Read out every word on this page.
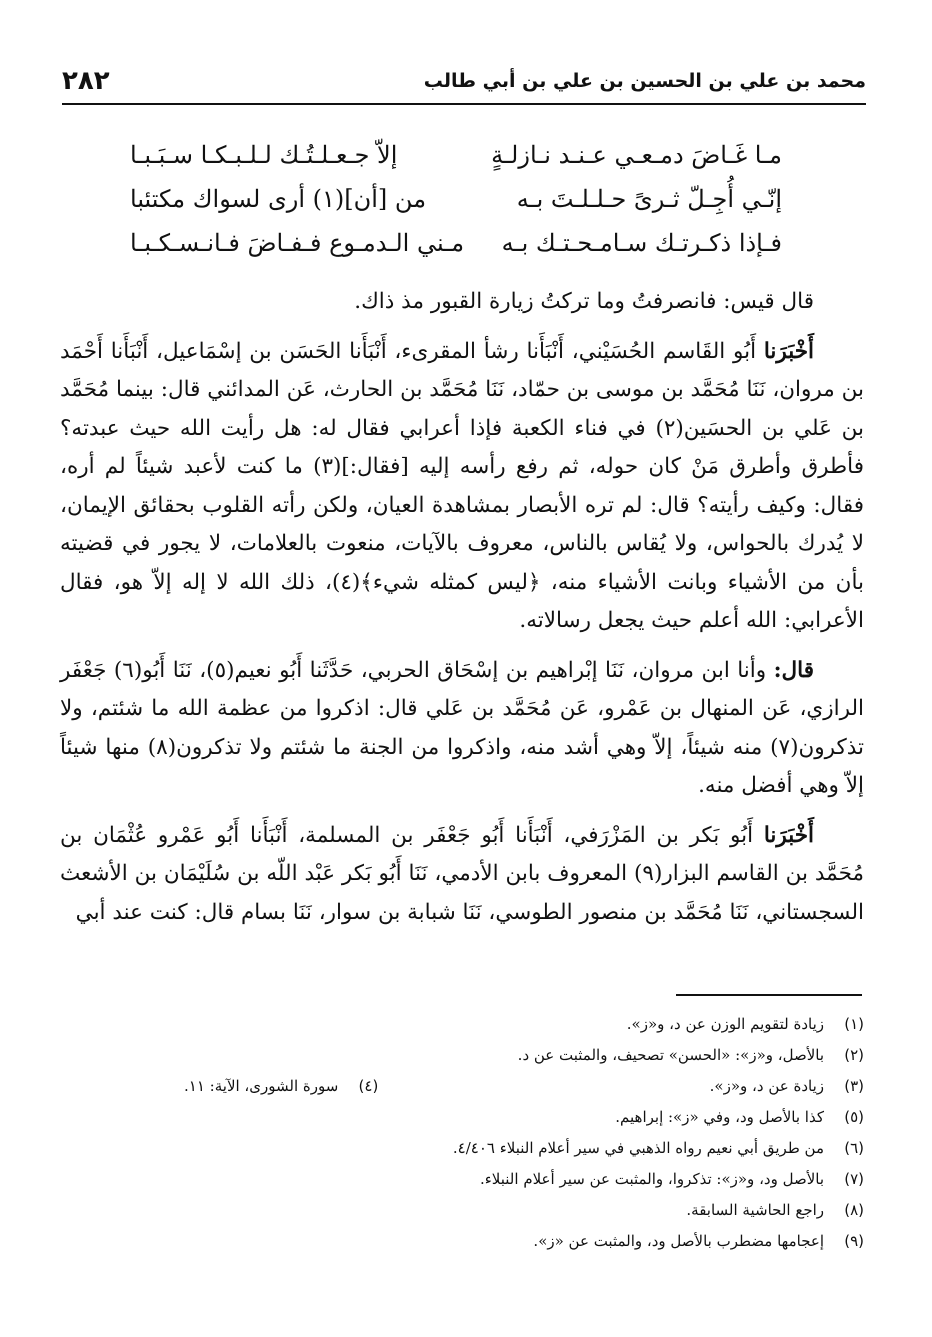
محمد بن علي بن الحسين بن علي بن أبي طالب
٢٨٢
مـا غَـاضَ دمـعـي عـنـد نـازلـةٍ
إلاّ جـعـلـتُـك لـلـبـكـا سـبَـبـا
إنّـي أُجِـلّ ثـرىً حـلـلـتَ بـه
من [أن](١) أرى لسواك مكتئبا
فـإذا ذكـرتـك سـامـحـتـك بـه
مـني الـدمـوع فـفـاضَ فـانـسـكـبـا

قال قيس: فانصرفتُ وما تركتُ زيارة القبور مذ ذاك.

أَخْبَرَنا أَبُو القَاسم الحُسَيْني، أَنْبَأَنا رشأ المقرىء، أَنْبَأَنا الحَسَن بن إسْمَاعيل، أَنْبَأَنا أَحْمَد بن مروان، نَنَا مُحَمَّد بن موسى بن حمّاد، نَنَا مُحَمَّد بن الحارث، عَن المدائني قال: بينما مُحَمَّد بن عَلي بن الحسَين(٢) في فناء الكعبة فإذا أعرابي فقال له: هل رأيت الله حيث عبدته؟ فأطرق وأطرق مَنْ كان حوله، ثم رفع رأسه إليه [فقال:](٣) ما كنت لأعبد شيئاً لم أره، فقال: وكيف رأيته؟ قال: لم تره الأبصار بمشاهدة العيان، ولكن رأته القلوب بحقائق الإيمان، لا يُدرك بالحواس، ولا يُقاس بالناس، معروف بالآيات، منعوت بالعلامات، لا يجور في قضيته بأن من الأشياء وبانت الأشياء منه، ﴿ليس كمثله شيء﴾(٤)، ذلك الله لا إله إلاّ هو، فقال الأعرابي: الله أعلم حيث يجعل رسالاته.

قال: وأنا ابن مروان، نَنَا إبْراهيم بن إسْحَاق الحربي، حَدَّثَنا أَبُو نعيم(٥)، نَنَا أَبُو(٦) جَعْفَر الرازي، عَن المنهال بن عَمْرو، عَن مُحَمَّد بن عَلي قال: اذكروا من عظمة الله ما شئتم، ولا تذكرون(٧) منه شيئاً، إلاّ وهي أشد منه، واذكروا من الجنة ما شئتم ولا تذكرون(٨) منها شيئاً إلاّ وهي أفضل منه.

أَخْبَرَنا أَبُو بَكر بن المَزْرَفي، أَنْبَأَنا أَبُو جَعْفَر بن المسلمة، أَنْبَأَنا أَبُو عَمْرو عُثْمَان بن مُحَمَّد بن القاسم البزار(٩) المعروف بابن الأدمي، نَنَا أَبُو بَكر عَبْد اللّه بن سُلَيْمَان بن الأشعث السجستاني، نَنَا مُحَمَّد بن منصور الطوسي، نَنَا شبابة بن سوار، نَنَا بسام قال: كنت عند أبي

(١)
زيادة لتقويم الوزن عن د، و«ز».
(٢)
بالأصل، و«ز»: «الحسن» تصحيف، والمثبت عن د.
(٣)
زيادة عن د، و«ز».
(٤)
سورة الشورى، الآية: ١١.
(٥)
كذا بالأصل ود، وفي «ز»: إبراهيم.
(٦)
من طريق أبي نعيم رواه الذهبي في سير أعلام النبلاء ٤/٤٠٦.
(٧)
بالأصل ود، و«ز»: تذكروا، والمثبت عن سير أعلام النبلاء.
(٨)
راجع الحاشية السابقة.
(٩)
إعجامها مضطرب بالأصل ود، والمثبت عن «ز».
